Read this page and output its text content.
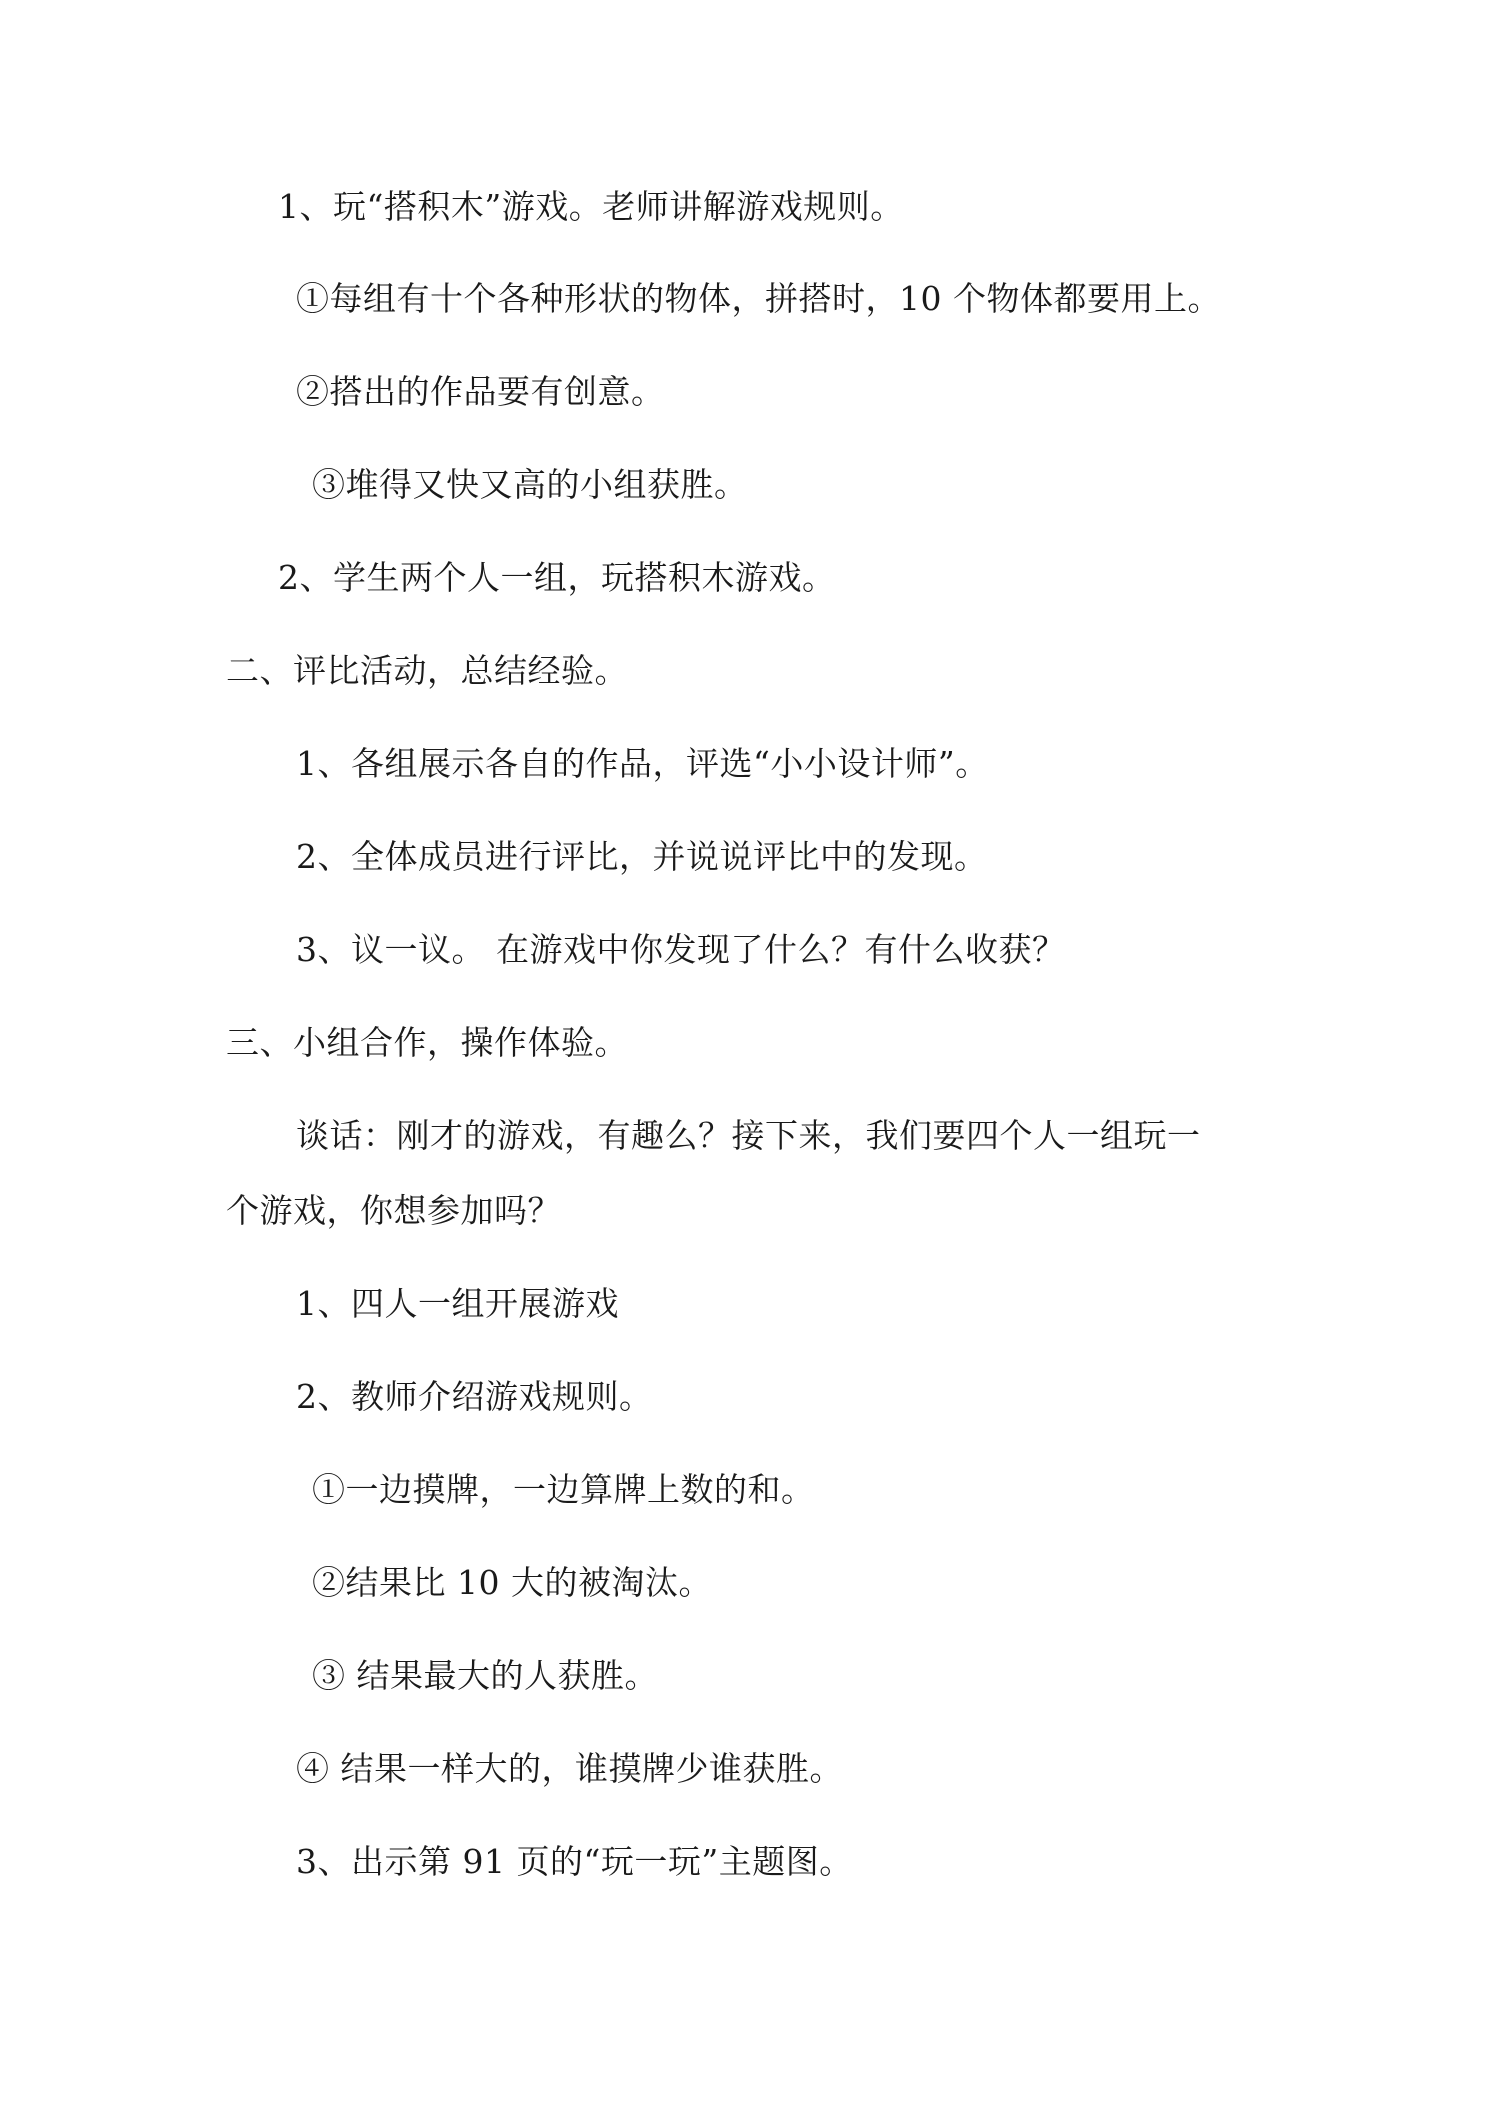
1、玩“搭积木”游戏。老师讲解游戏规则。
①每组有十个各种形状的物体，拼搭时，10 个物体都要用上。
②搭出的作品要有创意。
③堆得又快又高的小组获胜。
2、学生两个人一组，玩搭积木游戏。
二、评比活动，总结经验。
1、各组展示各自的作品，评选“小小设计师”。
2、全体成员进行评比，并说说评比中的发现。
3、议一议。 在游戏中你发现了什么？有什么收获？
三、小组合作，操作体验。
谈话：刚才的游戏，有趣么？接下来，我们要四个人一组玩一
个游戏，你想参加吗？
1、四人一组开展游戏
2、教师介绍游戏规则。
①一边摸牌，一边算牌上数的和。
②结果比 10 大的被淘汰。
③ 结果最大的人获胜。
④ 结果一样大的，谁摸牌少谁获胜。
3、出示第 91 页的“玩一玩”主题图。
